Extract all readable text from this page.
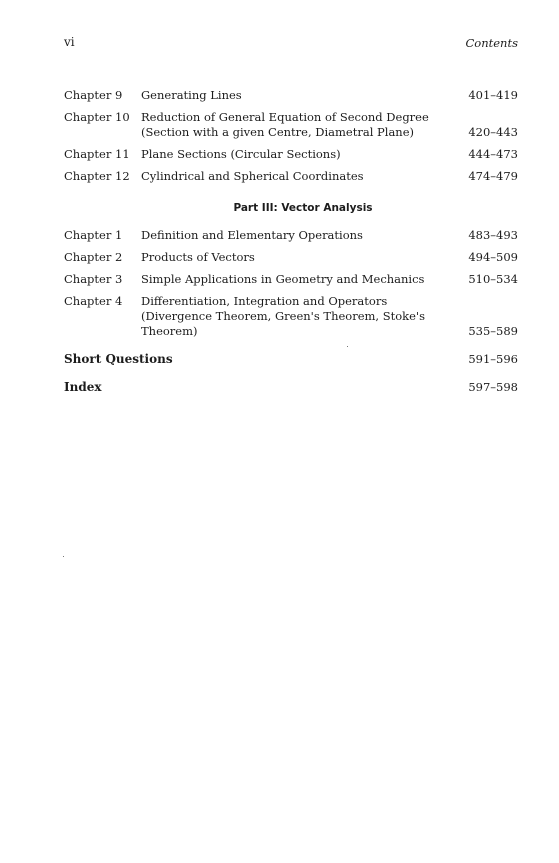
vi	Contents
Chapter 9	Generating Lines	401–419
Chapter 10 Reduction of General Equation of Second Degree (Section with a given Centre, Diametral Plane)	420–443
Chapter 11 Plane Sections (Circular Sections)	444–473
Chapter 12 Cylindrical and Spherical Coordinates	474–479
Part III: Vector Analysis
Chapter 1	Definition and Elementary Operations	483–493
Chapter 2	Products of Vectors	494–509
Chapter 3	Simple Applications in Geometry and Mechanics	510–534
Chapter 4	Differentiation, Integration and Operators (Divergence Theorem, Green's Theorem, Stoke's Theorem)	535–589
Short Questions	591–596
Index	597–598
